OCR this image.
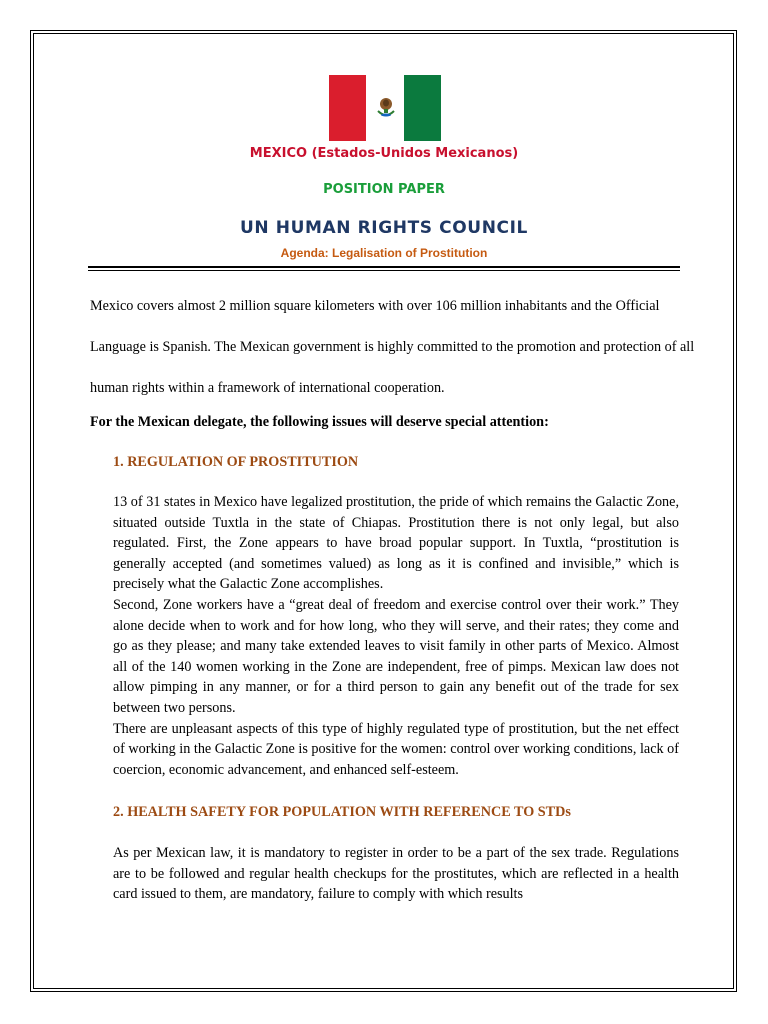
MEXICO (Estados-Unidos Mexicanos)
POSITION PAPER
UN HUMAN RIGHTS COUNCIL
Agenda: Legalisation of Prostitution

Mexico covers almost 2 million square kilometers with over 106 million inhabitants and the Official Language is Spanish. The Mexican government is highly committed to the promotion and protection of all human rights within a framework of international cooperation.

For the Mexican delegate, the following issues will deserve special attention:

1. REGULATION OF PROSTITUTION

13 of 31 states in Mexico have legalized prostitution, the pride of which remains the Galactic Zone, situated outside Tuxtla in the state of Chiapas. Prostitution there is not only legal, but also regulated. First, the Zone appears to have broad popular support. In Tuxtla, “prostitution is generally accepted (and sometimes valued) as long as it is confined and invisible,” which is precisely what the Galactic Zone accomplishes.

Second, Zone workers have a “great deal of freedom and exercise control over their work.” They alone decide when to work and for how long, who they will serve, and their rates; they come and go as they please; and many take extended leaves to visit family in other parts of Mexico. Almost all of the 140 women working in the Zone are independent, free of pimps. Mexican law does not allow pimping in any manner, or for a third person to gain any benefit out of the trade for sex between two persons.

There are unpleasant aspects of this type of highly regulated type of prostitution, but the net effect of working in the Galactic Zone is positive for the women: control over working conditions, lack of coercion, economic advancement, and enhanced self-esteem.

2. HEALTH SAFETY FOR POPULATION WITH REFERENCE TO STDs

As per Mexican law, it is mandatory to register in order to be a part of the sex trade. Regulations are to be followed and regular health checkups for the prostitutes, which are reflected in a health card issued to them, are mandatory, failure to comply with which results
